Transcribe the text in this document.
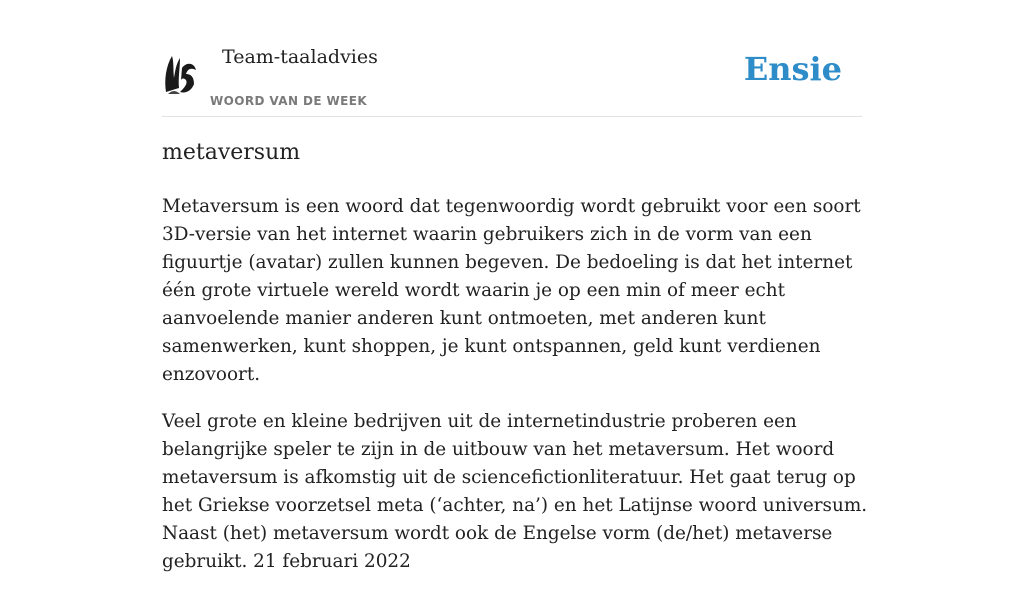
Team-taaladvies
WOORD VAN DE WEEK
Ensie
metaversum

Metaversum is een woord dat tegenwoordig wordt gebruikt voor een soort 3D-versie van het internet waarin gebruikers zich in de vorm van een figuurtje (avatar) zullen kunnen begeven. De bedoeling is dat het internet één grote virtuele wereld wordt waarin je op een min of meer echt aanvoelende manier anderen kunt ontmoeten, met anderen kunt samenwerken, kunt shoppen, je kunt ontspannen, geld kunt verdienen enzovoort.

Veel grote en kleine bedrijven uit de internetindustrie proberen een belangrijke speler te zijn in de uitbouw van het metaversum. Het woord metaversum is afkomstig uit de sciencefictionliteratuur. Het gaat terug op het Griekse voorzetsel meta (‘achter, na’) en het Latijnse woord universum. Naast (het) metaversum wordt ook de Engelse vorm (de/het) metaverse gebruikt. 21 februari 2022
